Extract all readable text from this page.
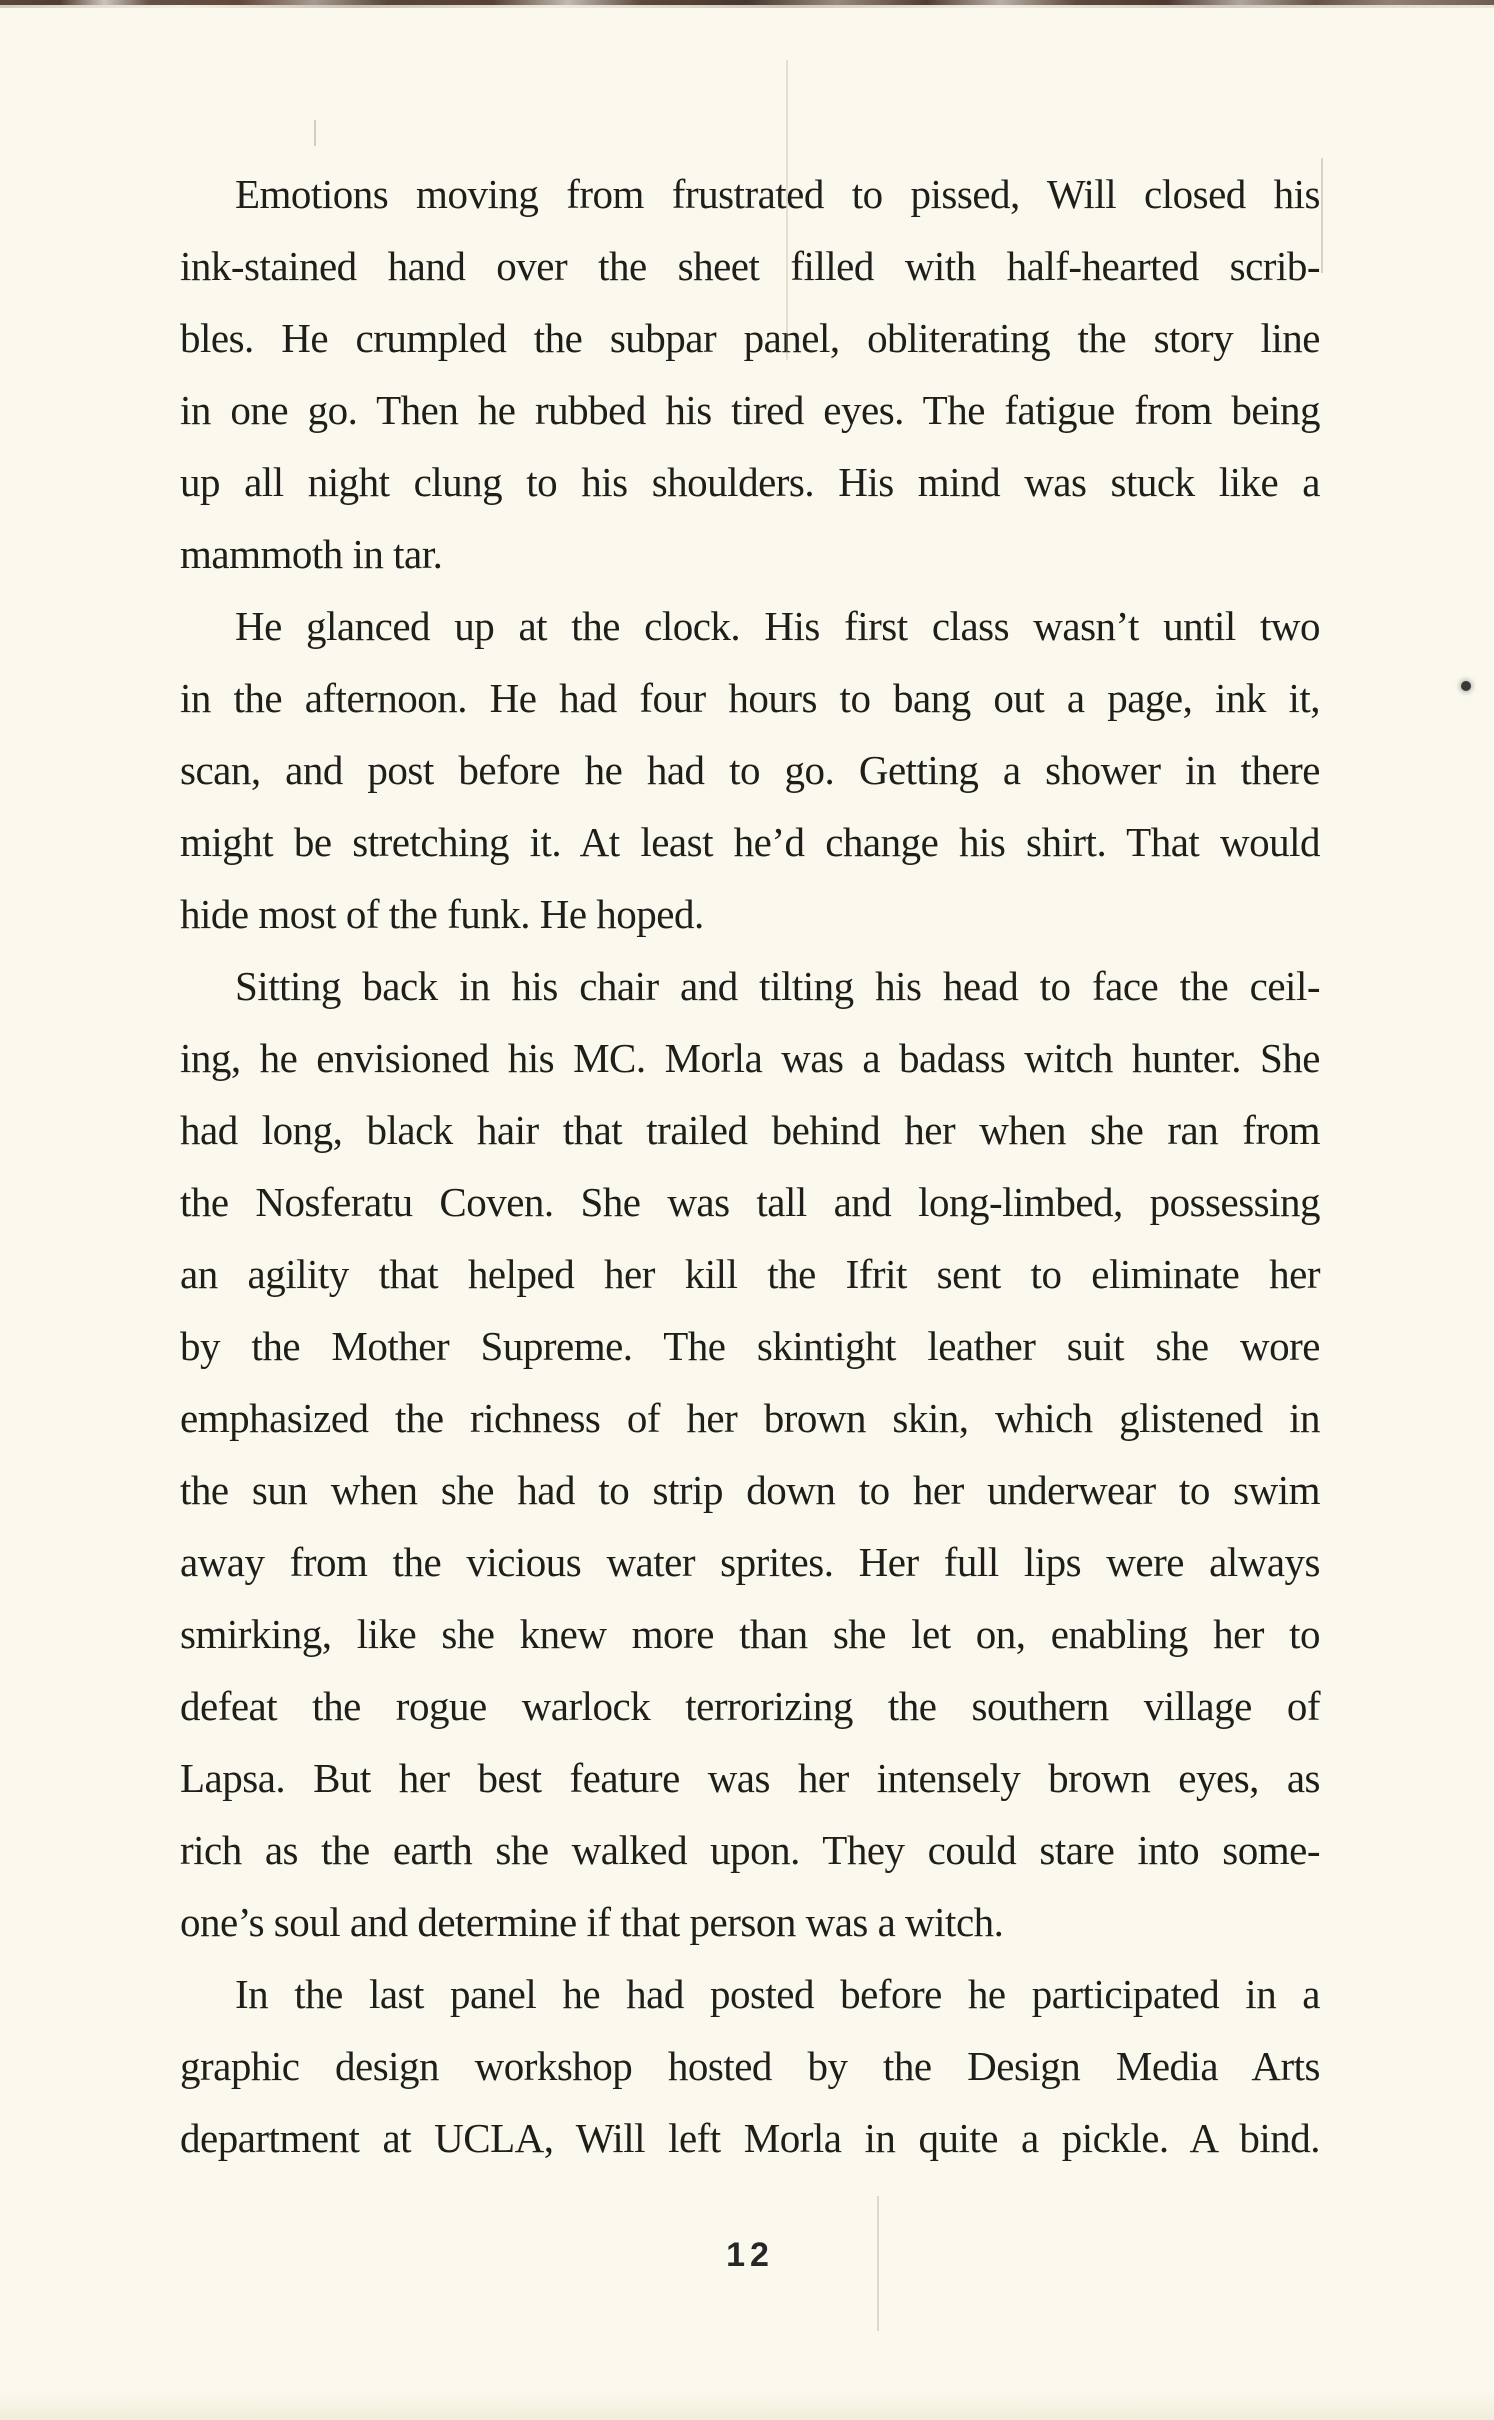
Emotions moving from frustrated to pissed, Will closed his
ink-stained hand over the sheet filled with half-hearted scrib-
bles. He crumpled the subpar panel, obliterating the story line
in one go. Then he rubbed his tired eyes. The fatigue from being
up all night clung to his shoulders. His mind was stuck like a
mammoth in tar.
He glanced up at the clock. His first class wasn’t until two
in the afternoon. He had four hours to bang out a page, ink it,
scan, and post before he had to go. Getting a shower in there
might be stretching it. At least he’d change his shirt. That would
hide most of the funk. He hoped.
Sitting back in his chair and tilting his head to face the ceil-
ing, he envisioned his MC. Morla was a badass witch hunter. She
had long, black hair that trailed behind her when she ran from
the Nosferatu Coven. She was tall and long-limbed, possessing
an agility that helped her kill the Ifrit sent to eliminate her
by the Mother Supreme. The skintight leather suit she wore
emphasized the richness of her brown skin, which glistened in
the sun when she had to strip down to her underwear to swim
away from the vicious water sprites. Her full lips were always
smirking, like she knew more than she let on, enabling her to
defeat the rogue warlock terrorizing the southern village of
Lapsa. But her best feature was her intensely brown eyes, as
rich as the earth she walked upon. They could stare into some-
one’s soul and determine if that person was a witch.
In the last panel he had posted before he participated in a
graphic design workshop hosted by the Design Media Arts
department at UCLA, Will left Morla in quite a pickle. A bind.
12
